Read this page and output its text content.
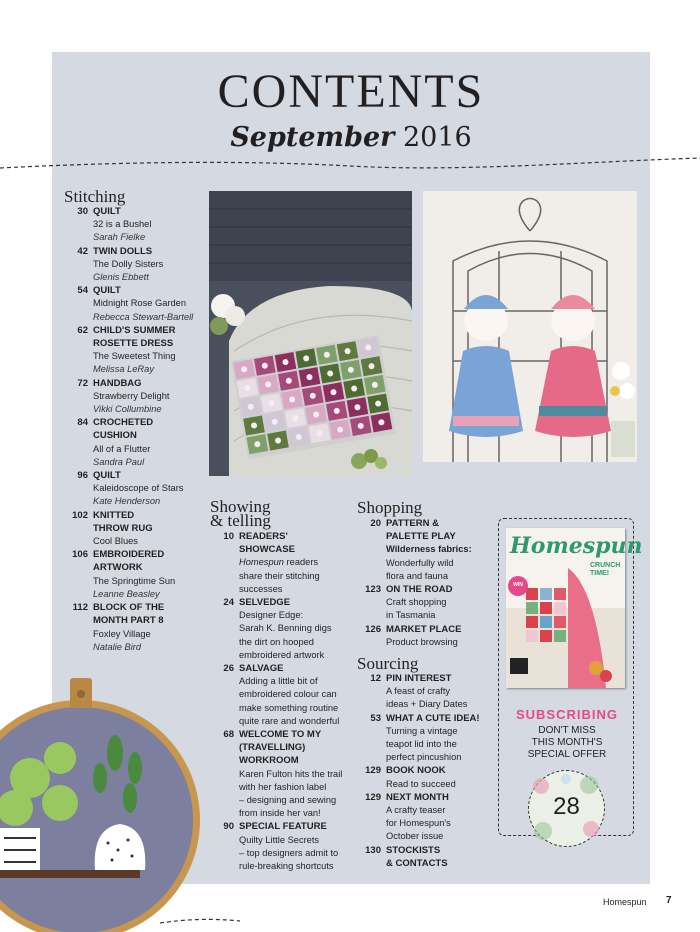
CONTENTS
September 2016
Stitching
30 QUILT
32 is a Bushel
Sarah Fielke
42 TWIN DOLLS
The Dolly Sisters
Glenis Ebbett
54 QUILT
Midnight Rose Garden
Rebecca Stewart-Bartell
62 CHILD'S SUMMER
ROSETTE DRESS
The Sweetest Thing
Melissa LeRay
72 HANDBAG
Strawberry Delight
Vikki Collumbine
84 CROCHETED
CUSHION
All of a Flutter
Sandra Paul
96 QUILT
Kaleidoscope of Stars
Kate Henderson
102 KNITTED
THROW RUG
Cool Blues
106 EMBROIDERED
ARTWORK
The Springtime Sun
Leanne Beasley
112 BLOCK OF THE
MONTH PART 8
Foxley Village
Natalie Bird
Showing
& telling
10 READERS'
SHOWCASE
Homespun readers
share their stitching
successes
24 SELVEDGE
Designer Edge:
Sarah K. Benning digs
the dirt on hooped
embroidered artwork
26 SALVAGE
Adding a little bit of
embroidered colour can
make something routine
quite rare and wonderful
68 WELCOME TO MY
(TRAVELLING)
WORKROOM
Karen Fulton hits the trail
with her fashion label
– designing and sewing
from inside her van!
90 SPECIAL FEATURE
Quilty Little Secrets
– top designers admit to
rule-breaking shortcuts
Shopping
20 PATTERN &
PALETTE PLAY
Wilderness fabrics:
Wonderfully wild
flora and fauna
123 ON THE ROAD
Craft shopping
in Tasmania
126 MARKET PLACE
Product browsing
Sourcing
12 PIN INTEREST
A feast of crafty
ideas + Diary Dates
53 WHAT A CUTE IDEA!
Turning a vintage
teapot lid into the
perfect pincushion
129 BOOK NOOK
Read to succeed
129 NEXT MONTH
A crafty teaser
for Homespun's
October issue
130 STOCKISTS
& CONTACTS
Homespun
CRUNCH
TIME!
WIN
SUBSCRIBING
DON'T MISS
THIS MONTH'S
SPECIAL OFFER
28
Homespun 7
